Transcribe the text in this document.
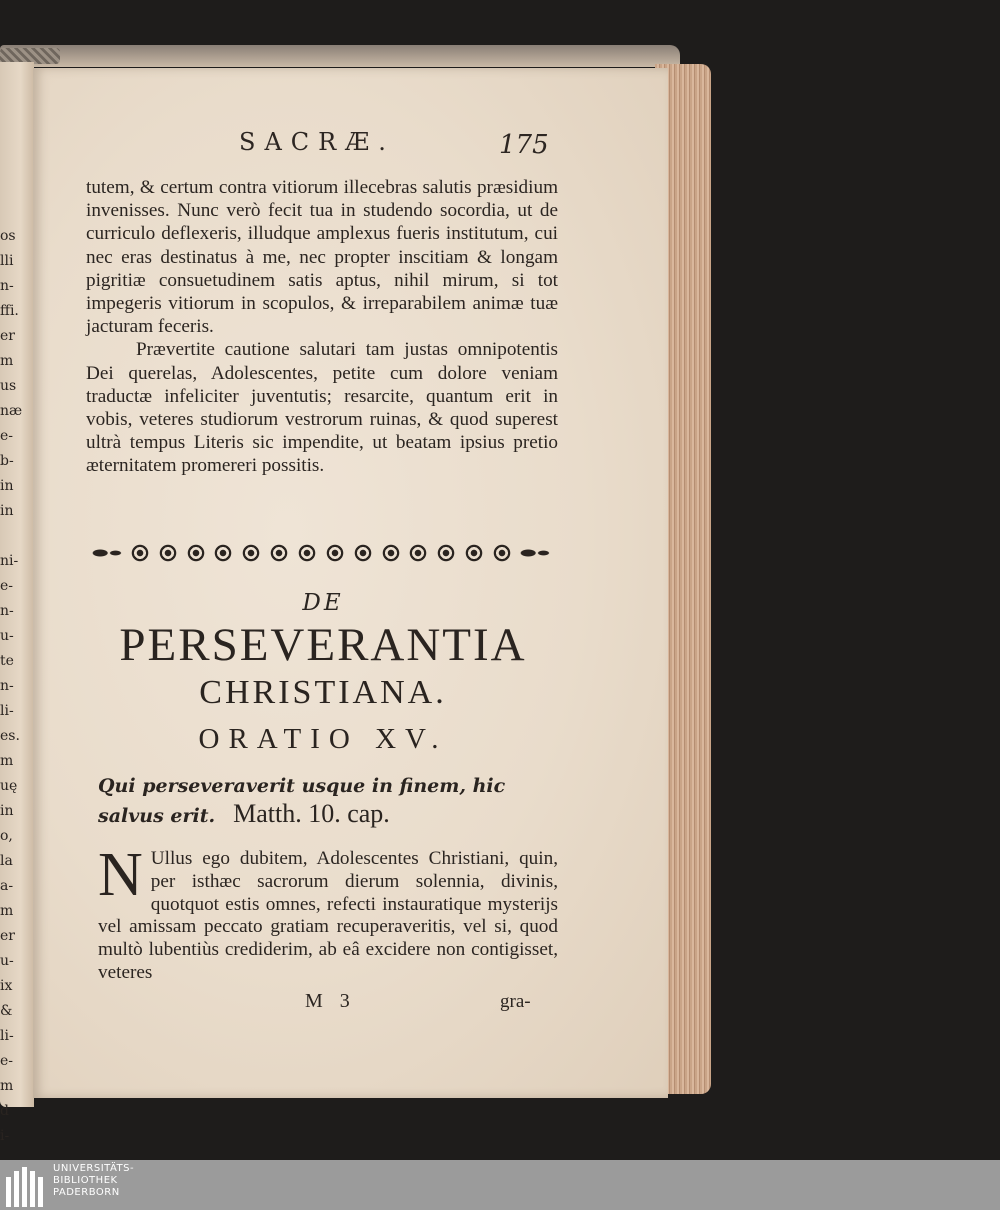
os
lli
n-
ffi.
er
m
us
næ
e-
b-
in
in

ni-
e-
n-
u-
te
n-
li-
es.
m
uę
in
o,
la
a-
m
er
u-
ix
&
li-
e-
m
d
i-
SACRÆ.	175

tutem, & certum contra vitiorum illecebras salutis præsidium invenisses. Nunc verò fecit tua in studendo socordia, ut de curriculo deflexeris, illudque amplexus fueris institutum, cui nec eras destinatus à me, nec propter inscitiam & longam pigritiæ consuetudinem satis aptus, nihil mirum, si tot impegeris vitiorum in scopulos, & irreparabilem animæ tuæ jacturam feceris.

Prævertite cautione salutari tam justas omnipotentis Dei querelas, Adolescentes, petite cum dolore veniam traductæ infeliciter juventutis; resarcite, quantum erit in vobis, veteres studiorum vestrorum ruinas, & quod superest ultrà tempus Literis sic impendite, ut beatam ipsius pretio æternitatem promereri possitis.

DE
PERSEVERANTIA
CHRISTIANA.
ORATIO XV.
Qui perseveraverit usque in finem, hic salvus erit. Matth. 10. cap.
N Ullus ego dubitem, Adolescentes Christiani, quin, per isthæc sacrorum dierum solennia, divinis, quotquot estis omnes, refecti instauratique mysterijs vel amissam peccato gratiam recuperaveritis, vel si, quod multò lubentiùs crediderim, ab eâ excidere non contigisset, veteres
M 3	gra-
UNIVERSITÄTS-
BIBLIOTHEK
PADERBORN
